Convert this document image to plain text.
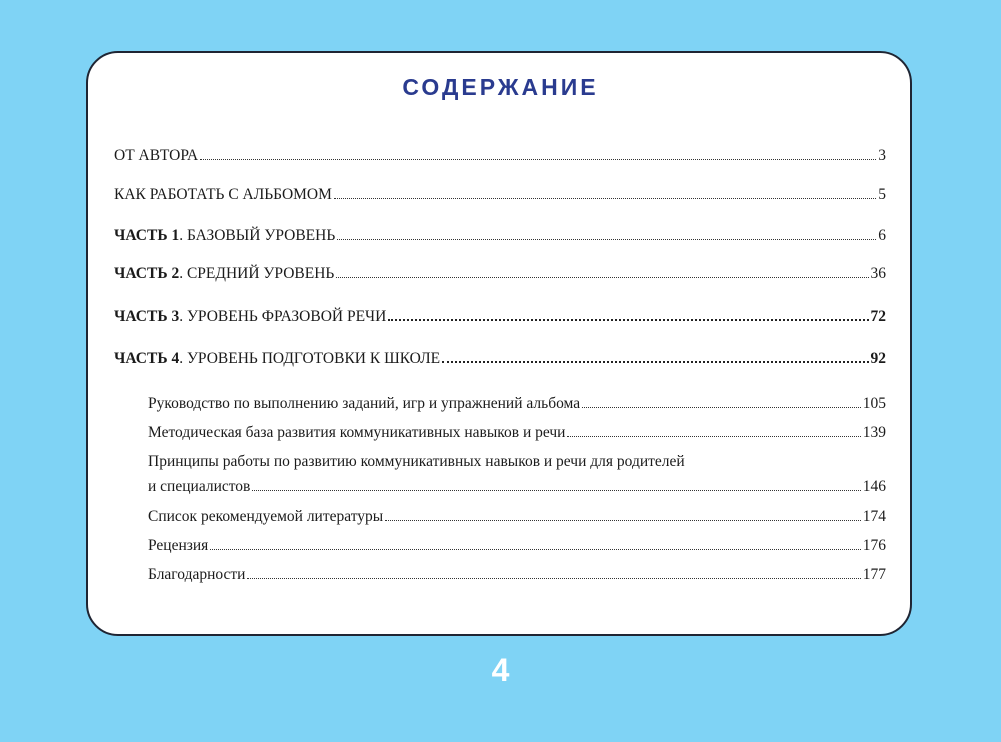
СОДЕРЖАНИЕ
ОТ АВТОРА	3
КАК РАБОТАТЬ С АЛЬБОМОМ	5
ЧАСТЬ 1. БАЗОВЫЙ УРОВЕНЬ	6
ЧАСТЬ 2. СРЕДНИЙ УРОВЕНЬ	36
ЧАСТЬ 3. УРОВЕНЬ ФРАЗОВОЙ РЕЧИ	72
ЧАСТЬ 4. УРОВЕНЬ ПОДГОТОВКИ К ШКОЛЕ	92
Руководство по выполнению заданий, игр и упражнений альбома	105
Методическая база развития коммуникативных навыков и речи	139
Принципы работы по развитию коммуникативных навыков и речи для родителей
и специалистов	146
Список рекомендуемой литературы	174
Рецензия	176
Благодарности	177
4
